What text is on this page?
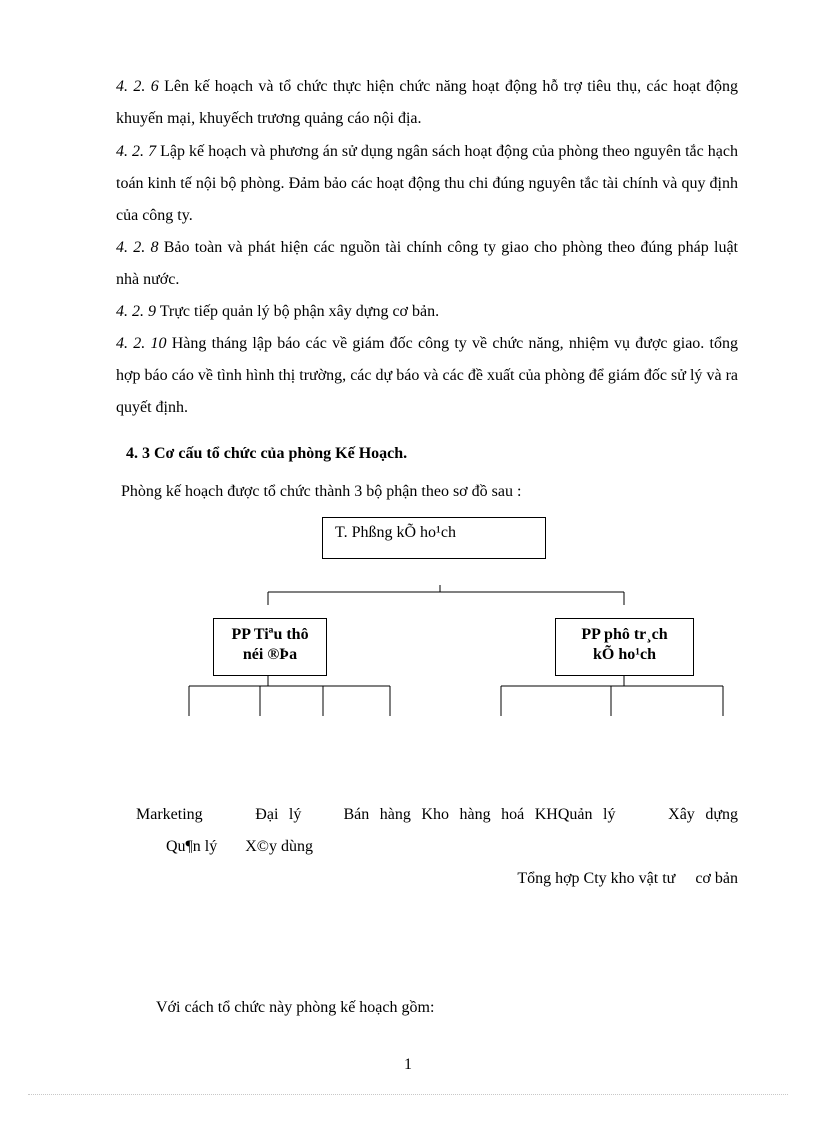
4. 2. 6 Lên kế hoạch và tổ chức thực hiện chức năng hoạt động hỗ trợ tiêu thụ, các hoạt động khuyến mại, khuyếch trương quảng cáo nội địa.

4. 2. 7 Lập kế hoạch và phương án sử dụng ngân sách hoạt động của phòng theo nguyên tắc hạch toán kinh tế nội bộ phòng. Đảm bảo các hoạt động thu chi đúng nguyên tắc tài chính và quy định của công ty.

4. 2. 8 Bảo toàn và phát hiện các nguồn tài chính công ty giao cho phòng theo đúng pháp luật nhà nước.

4. 2. 9 Trực tiếp quản lý bộ phận xây dựng cơ bản.

4. 2. 10 Hàng tháng lập báo các về giám đốc công ty về chức năng, nhiệm vụ được giao. tổng hợp báo cáo về tình hình thị trường, các dự báo và các đề xuất của phòng để giám đốc sử lý và ra quyết định.

4. 3 Cơ cấu tổ chức của phòng Kế Hoạch.

Phòng kế hoạch được tổ chức thành 3 bộ phận theo sơ đồ sau :

T. Phßng kÕ ho¹ch
PP Tiªu thô
néi ®Þa
PP phô tr¸ch
kÕ ho¹ch

Marketing     Đại lý    Bán hàng Kho hàng hoá KHQuản lý     Xây dựng

Qu¶n lý       X©y dùng

Tổng hợp Cty kho vật tư     cơ bản

Với cách tổ chức này phòng kế hoạch gồm:

1
